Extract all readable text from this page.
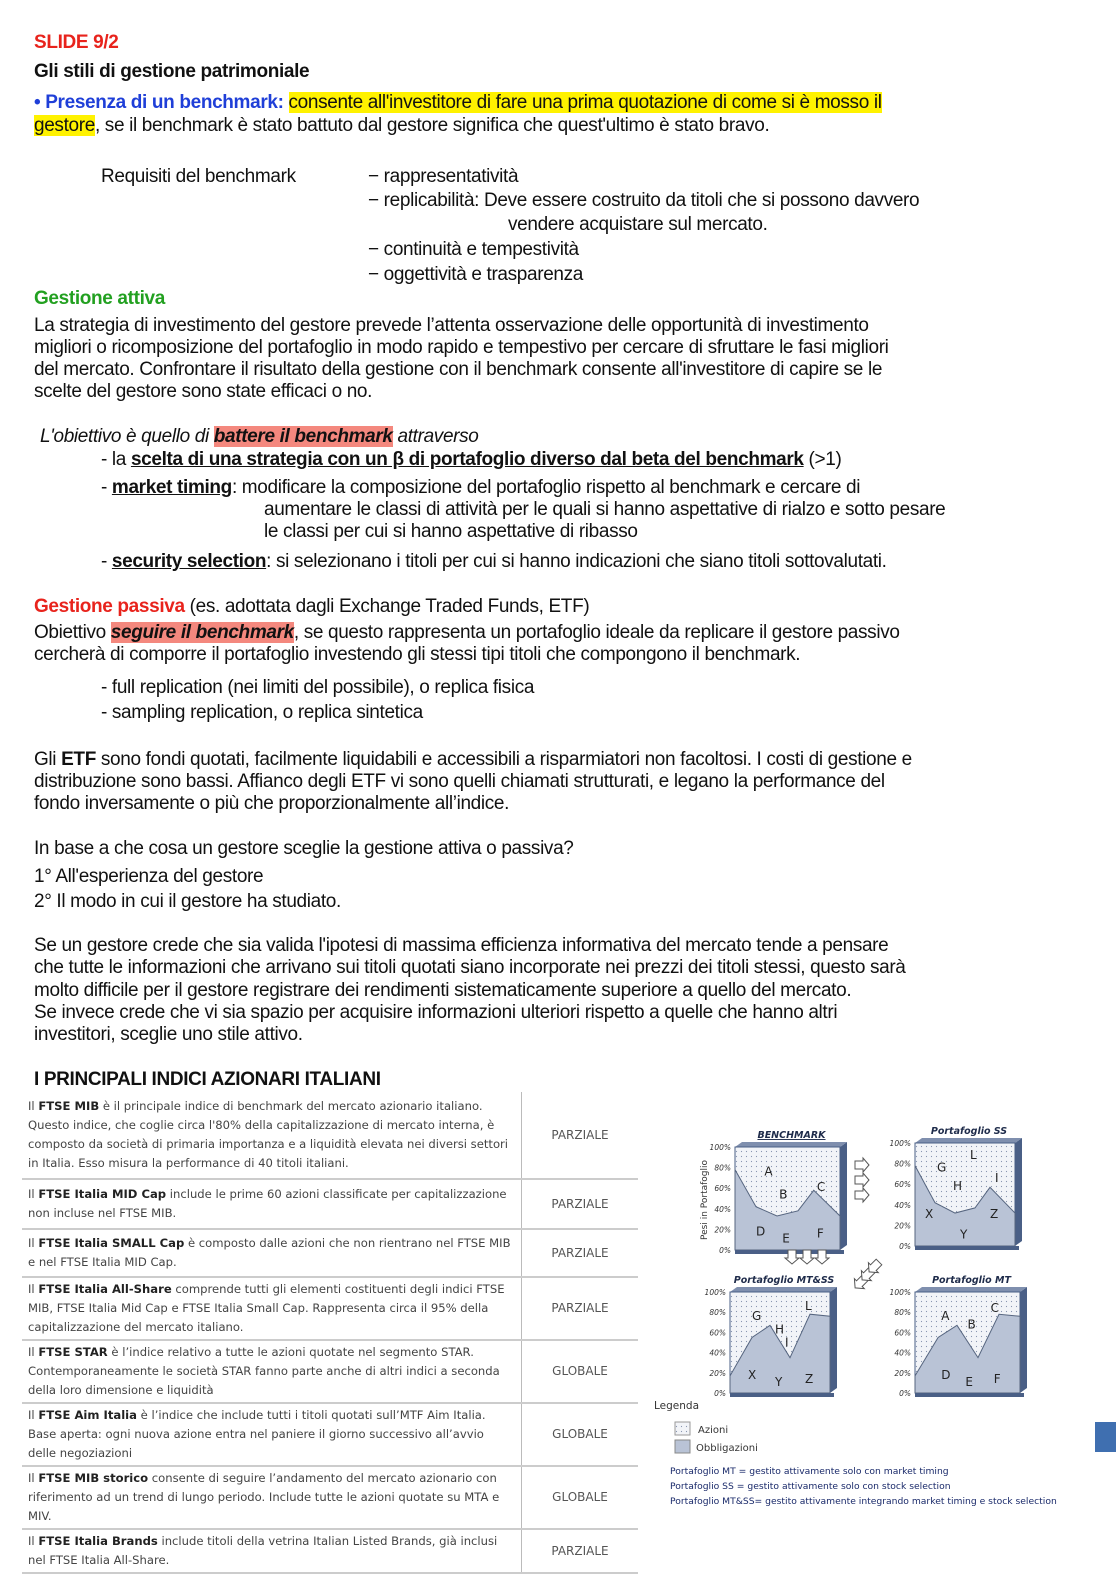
SLIDE 9/2
Gli stili di gestione patrimoniale
• Presenza di un benchmark: consente all'investitore di fare una prima quotazione di come si è mosso il
gestore, se il benchmark è stato battuto dal gestore significa che quest'ultimo è stato bravo.
Requisiti del benchmark	− rappresentatività
− replicabilità: Deve essere costruito da titoli che si possono davvero
vendere acquistare sul mercato.
− continuità e tempestività
− oggettività e trasparenza
Gestione attiva
La strategia di investimento del gestore prevede l’attenta osservazione delle opportunità di investimento
migliori o ricomposizione del portafoglio in modo rapido e tempestivo per cercare di sfruttare le fasi migliori
del mercato. Confrontare il risultato della gestione con il benchmark consente all'investitore di capire se le
scelte del gestore sono state efficaci o no.
L'obiettivo è quello di battere il benchmark attraverso
- la scelta di una strategia con un β di portafoglio diverso dal beta del benchmark (>1)
- market timing: modificare la composizione del portafoglio rispetto al benchmark e cercare di
aumentare le classi di attività per le quali si hanno aspettative di rialzo e sotto pesare
le classi per cui si hanno aspettative di ribasso
- security selection: si selezionano i titoli per cui si hanno indicazioni che siano titoli sottovalutati.
Gestione passiva (es. adottata dagli Exchange Traded Funds, ETF)
Obiettivo seguire il benchmark, se questo rappresenta un portafoglio ideale da replicare il gestore passivo
cercherà di comporre il portafoglio investendo gli stessi tipi titoli che compongono il benchmark.
- full replication (nei limiti del possibile), o replica fisica
- sampling replication, o replica sintetica
Gli ETF sono fondi quotati, facilmente liquidabili e accessibili a risparmiatori non facoltosi. I costi di gestione e
distribuzione sono bassi. Affianco degli ETF vi sono quelli chiamati strutturati, e legano la performance del
fondo inversamente o più che proporzionalmente all’indice.
In base a che cosa un gestore sceglie la gestione attiva o passiva?
1° All'esperienza del gestore
2° Il modo in cui il gestore ha studiato.
Se un gestore crede che sia valida l'ipotesi di massima efficienza informativa del mercato tende a pensare
che tutte le informazioni che arrivano sui titoli quotati siano incorporate nei prezzi dei titoli stessi, questo sarà
molto difficile per il gestore registrare dei rendimenti sistematicamente superiore a quello del mercato.
Se invece crede che vi sia spazio per acquisire informazioni ulteriori rispetto a quelle che hanno altri
investitori, sceglie uno stile attivo.
I PRINCIPALI INDICI AZIONARI ITALIANI
Il FTSE MIB è il principale indice di benchmark del mercato azionario italiano. Questo indice, che coglie circa l'80% della capitalizzazione di mercato interna, è composto da società di primaria importanza e a liquidità elevata nei diversi settori in Italia. Esso misura la performance di 40 titoli italiani.	PARZIALE
Il FTSE Italia MID Cap include le prime 60 azioni classificate per capitalizzazione non incluse nel FTSE MIB.	PARZIALE
Il FTSE Italia SMALL Cap è composto dalle azioni che non rientrano nel FTSE MIB e nel FTSE Italia MID Cap.	PARZIALE
Il FTSE Italia All-Share comprende tutti gli elementi costituenti degli indici FTSE MIB, FTSE Italia Mid Cap e FTSE Italia Small Cap. Rappresenta circa il 95% della capitalizzazione del mercato italiano.	PARZIALE
Il FTSE STAR è l’indice relativo a tutte le azioni quotate nel segmento STAR. Contemporaneamente le società STAR fanno parte anche di altri indici a seconda della loro dimensione e liquidità	GLOBALE
Il FTSE Aim Italia è l’indice che include tutti i titoli quotati sull’MTF Aim Italia. Base aperta: ogni nuova azione entra nel paniere il giorno successivo all’avvio delle negoziazioni	GLOBALE
Il FTSE MIB storico consente di seguire l’andamento del mercato azionario con riferimento ad un trend di lungo periodo. Include tutte le azioni quotate su MTA e MIV.	GLOBALE
Il FTSE Italia Brands include titoli della vetrina Italian Listed Brands, già inclusi nel FTSE Italia All-Share.	PARZIALE
BENCHMARK
0%
20%
40%
60%
80%
100%
A
B
C
D
E F
Portafoglio SS
0%
20%
40%
60%
80%
100%
G
L
H
I
X	Z
Y
Portafoglio MT&SS
0%
20%
40%
60%
80%
100%
G
H
L
I
X
Y Z
Portafoglio MT
0%
20%
40%
60%
80%
100%
A
B
C
D
E F
Pesi in Portafoglio
Legenda
Azioni
Obbligazioni
Portafoglio MT = gestito attivamente solo con market timing
Portafoglio SS = gestito attivamente solo con stock selection
Portafoglio MT&SS= gestito attivamente integrando market timing e stock selection
